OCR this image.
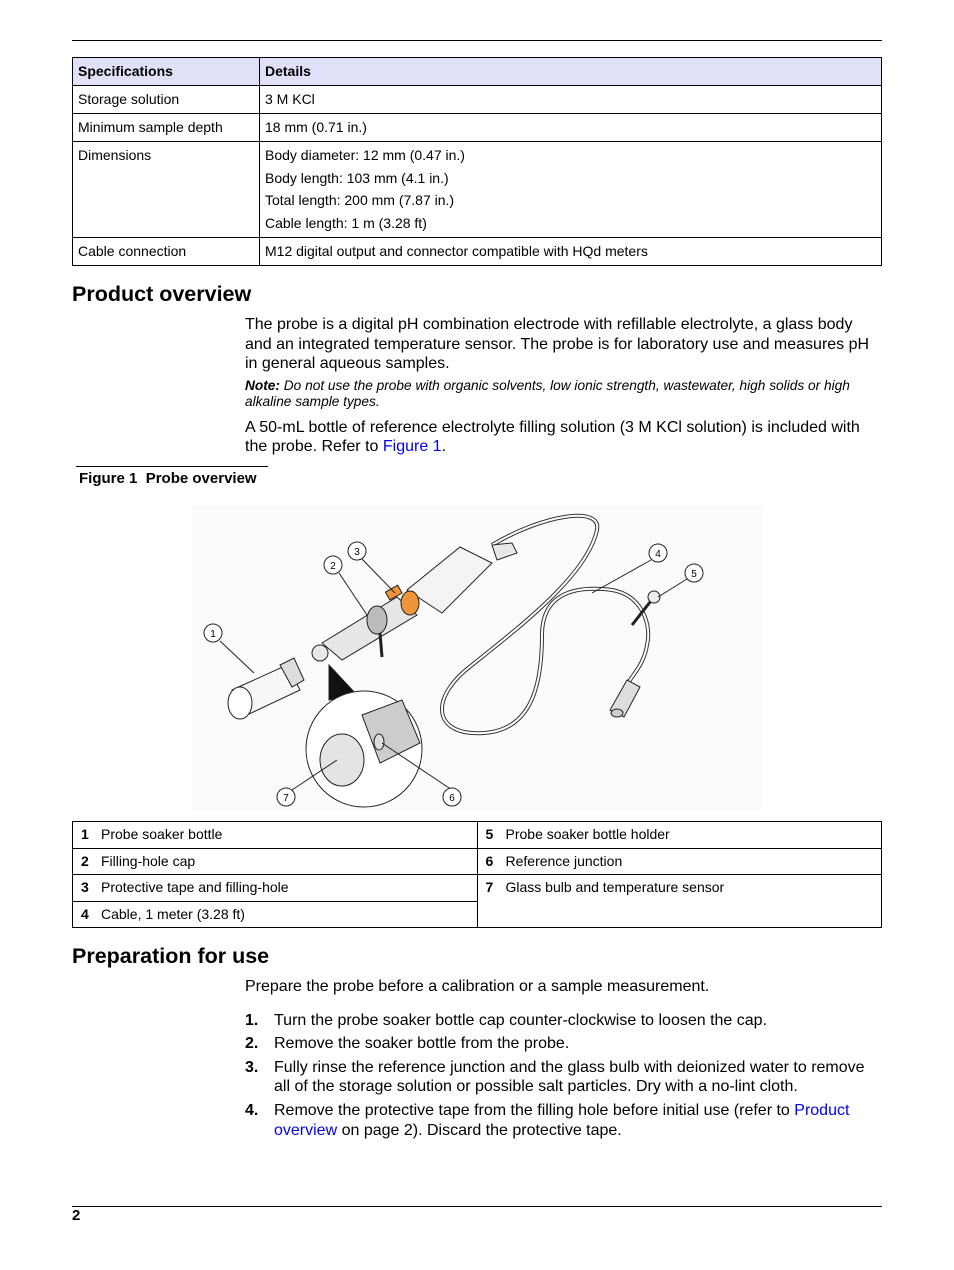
Specifications	Details
Storage solution	3 M KCl
Minimum sample depth	18 mm (0.71 in.)
Dimensions	Body diameter: 12 mm (0.47 in.)
Body length: 103 mm (4.1 in.)
Total length: 200 mm (7.87 in.)
Cable length: 1 m (3.28 ft)

Cable connection	M12 digital output and connector compatible with HQd meters
Product overview
The probe is a digital pH combination electrode with refillable electrolyte, a glass body and an integrated temperature sensor. The probe is for laboratory use and measures pH in general aqueous samples.
Note: Do not use the probe with organic solvents, low ionic strength, wastewater, high solids or high alkaline sample types.
A 50-mL bottle of reference electrolyte filling solution (3 M KCl solution) is included with the probe. Refer to Figure 1.
Figure 1 Probe overview
1
2
3	4
5
6
7
1 Probe soaker bottle	5 Probe soaker bottle holder
2 Filling-hole cap	6 Reference junction
3 Protective tape and filling-hole	7 Glass bulb and temperature sensor
4 Cable, 1 meter (3.28 ft)	
Preparation for use
Prepare the probe before a calibration or a sample measurement.
1. Turn the probe soaker bottle cap counter-clockwise to loosen the cap.
2. Remove the soaker bottle from the probe.
3. Fully rinse the reference junction and the glass bulb with deionized water to remove all of the storage solution or possible salt particles. Dry with a no-lint cloth.
4. Remove the protective tape from the filling hole before initial use (refer to Product overview on page 2). Discard the protective tape.
2
